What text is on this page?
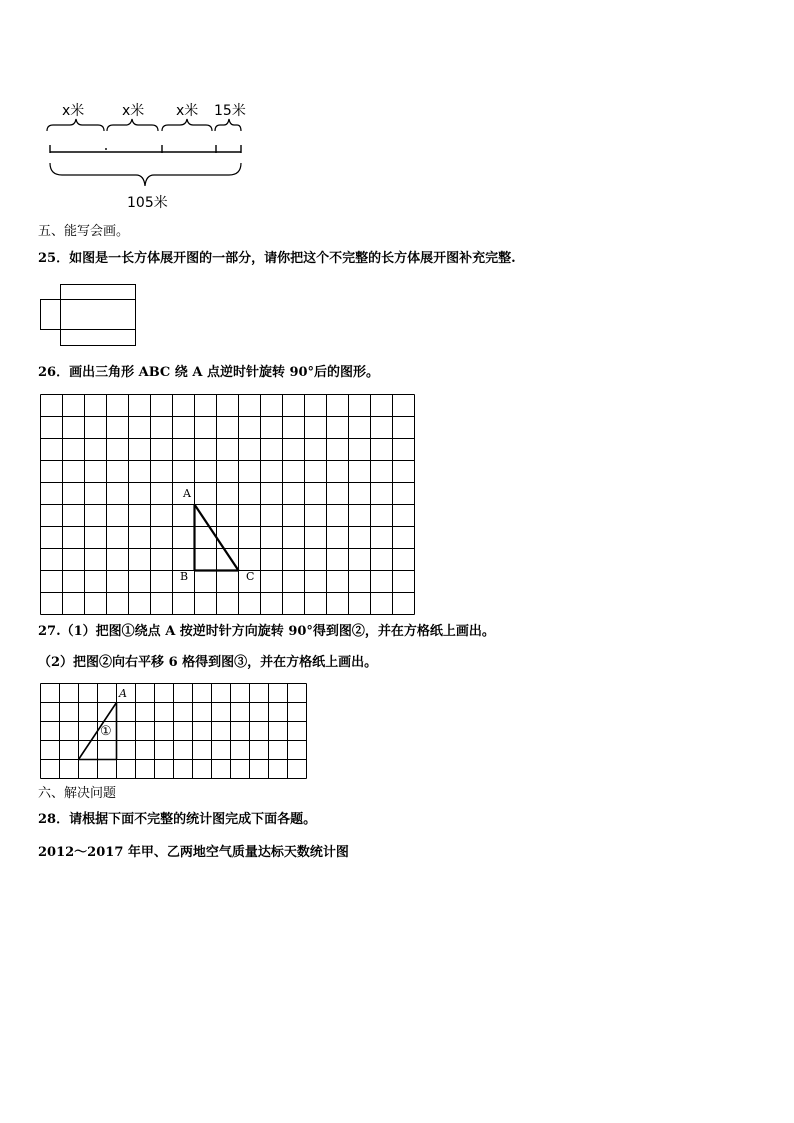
x米	x米 x米 15米
105米
五、能写会画。
25．如图是一长方体展开图的一部分，请你把这个不完整的长方体展开图补充完整.
26．画出三角形 ABC 绕 A 点逆时针旋转 90°后的图形。
A
B	C
27.（1）把图①绕点 A 按逆时针方向旋转 90°得到图②，并在方格纸上画出。
（2）把图②向右平移 6 格得到图③，并在方格纸上画出。
A
①
六、解决问题
28．请根据下面不完整的统计图完成下面各题。
2012～2017 年甲、乙两地空气质量达标天数统计图
